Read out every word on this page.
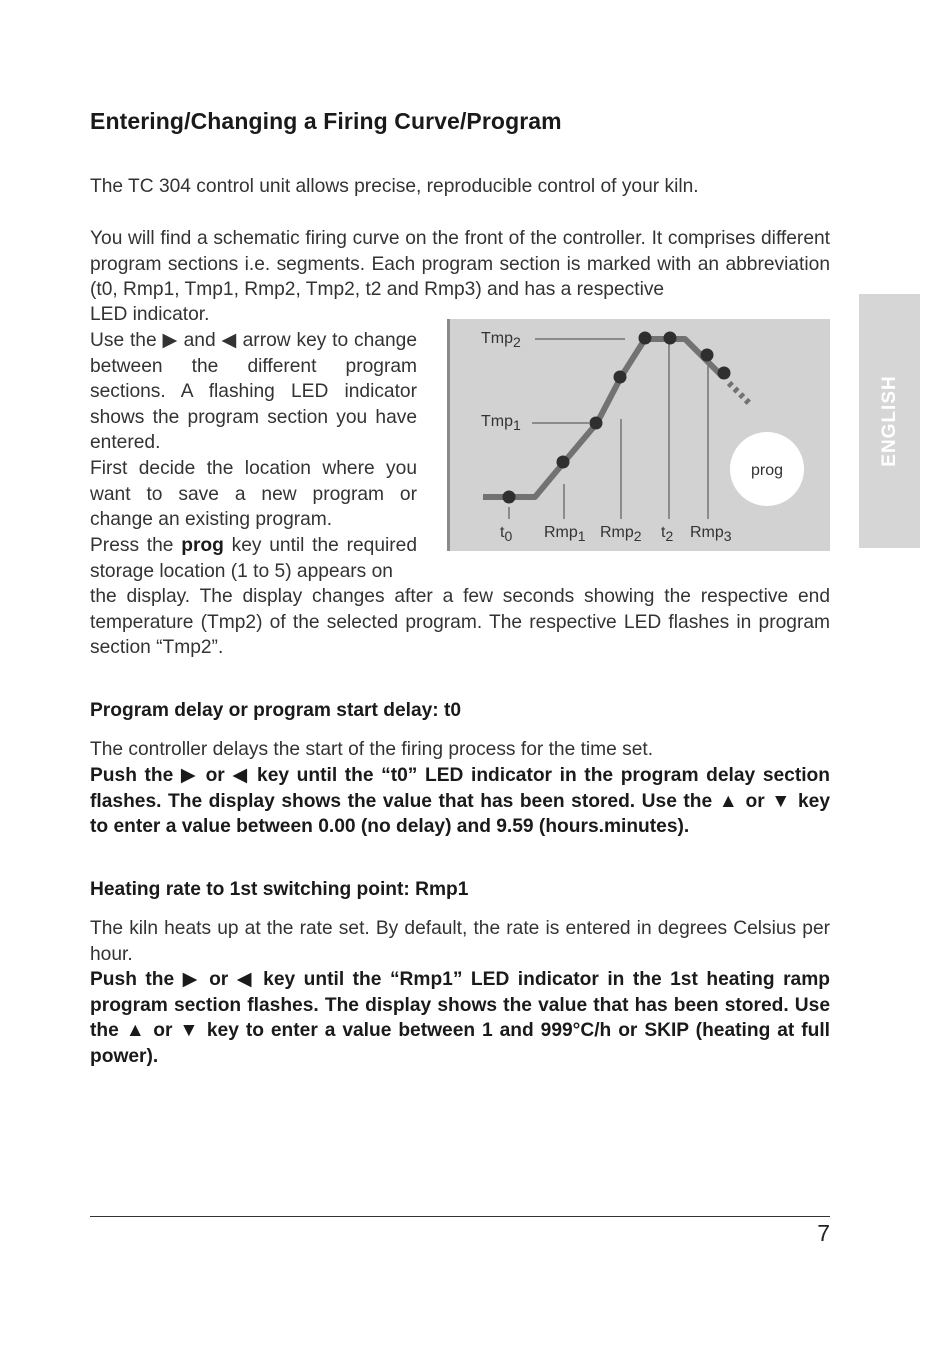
Entering/Changing a Firing Curve/Program

The TC 304 control unit allows precise, reproducible control of your kiln.

You will find a schematic firing curve on the front of the controller. It comprises different program sections i.e. segments. Each program section is marked with an abbreviation (t0, Rmp1, Tmp1, Rmp2, Tmp2, t2 and Rmp3) and has a respective

LED indicator.

Use the ▶ and ◀ arrow key to change between the different program sections. A flashing LED indicator shows the program section you have entered.

First decide the location where you want to save a new program or change an existing program.

Press the prog key until the required storage location (1 to 5) appears on

the display. The display changes after a few seconds showing the respective end temperature (Tmp2) of the selected program. The respective LED flashes in program section “Tmp2”.

Program delay or program start delay: t0

The controller delays the start of the firing process for the time set.

Push the ▶ or ◀ key until the “t0” LED indicator in the program delay section flashes. The display shows the value that has been stored. Use the ▲ or ▼ key to enter a value between 0.00 (no delay) and 9.59 (hours.minutes).

Heating rate to 1st switching point: Rmp1

The kiln heats up at the rate set. By default, the rate is entered in degrees Celsius per hour.

Push the ▶ or ◀ key until the “Rmp1” LED indicator in the 1st heating ramp program section flashes. The display shows the value that has been stored. Use the ▲ or ▼ key to enter a value between 1 and 999°C/h or SKIP (heating at full power).

ENGLISH
Tmp2
Tmp1
t0 Rmp1 Rmp2 t2 Rmp3
prog
7
